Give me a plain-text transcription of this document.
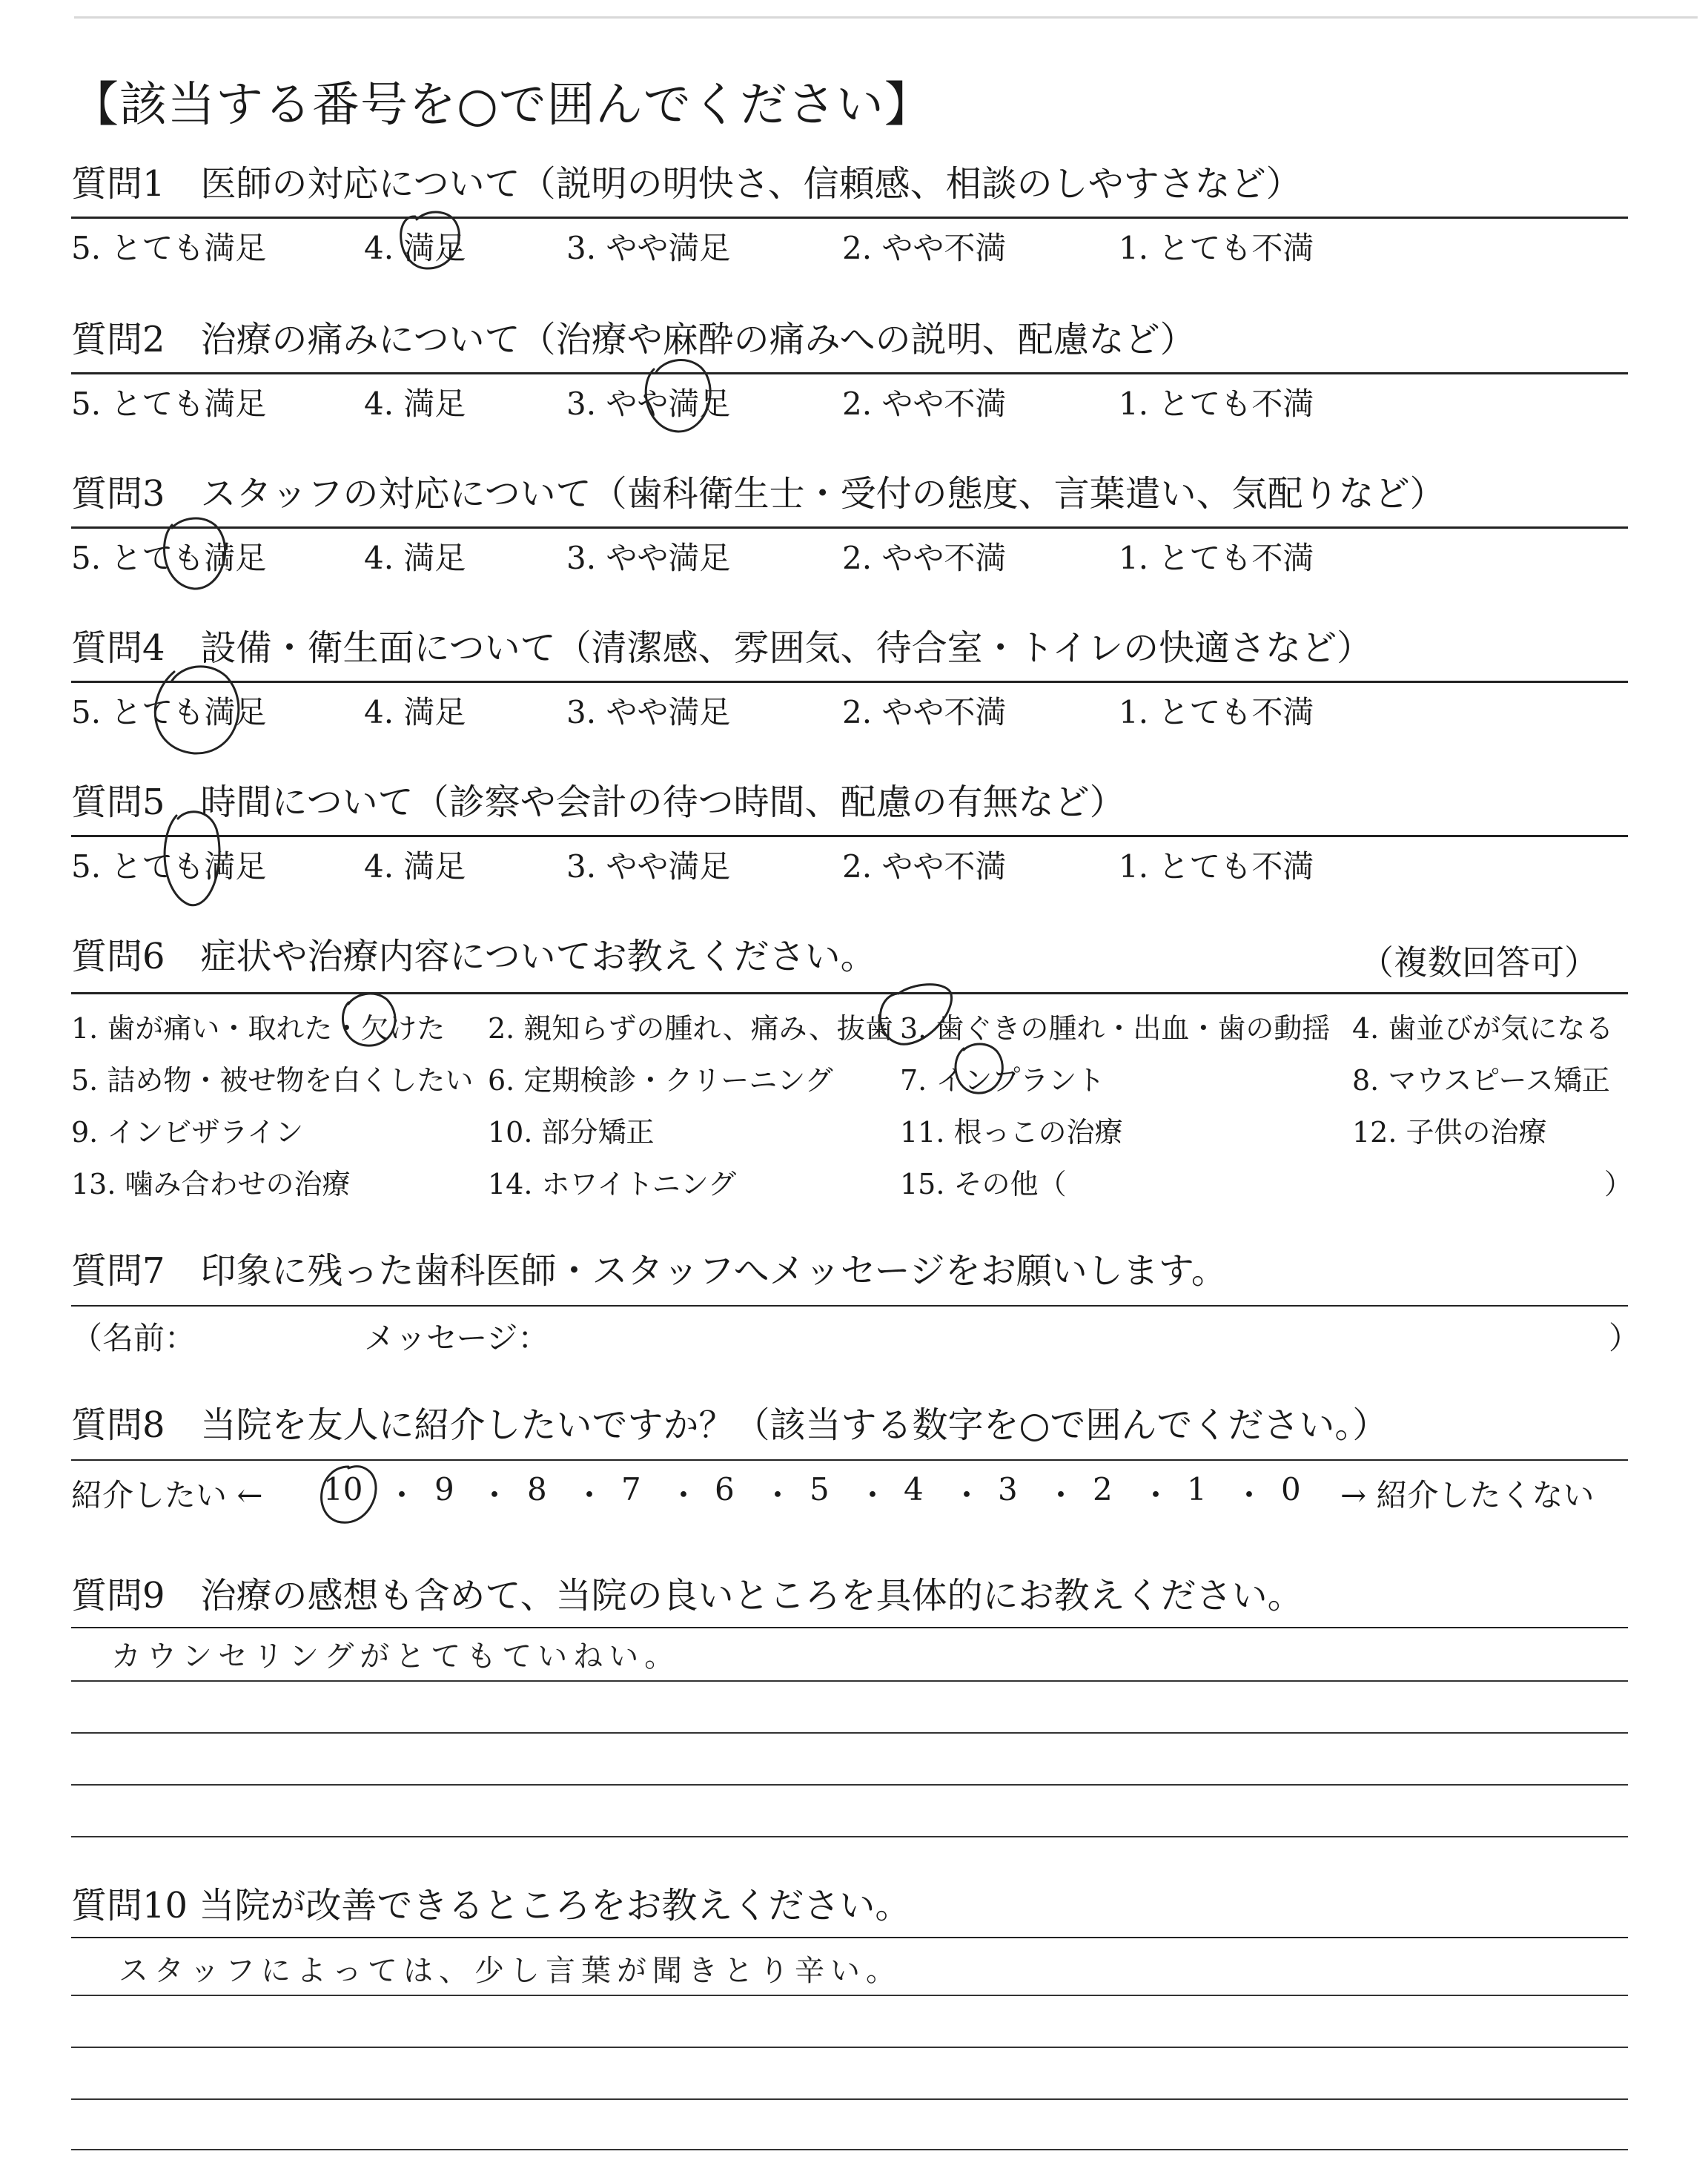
【該当する番号を○で囲んでください】
質問1　医師の対応について（説明の明快さ、信頼感、相談のしやすさなど）
5. とても満足	4. 満足	3. やや満足	2. やや不満	1. とても不満
質問2　治療の痛みについて（治療や麻酔の痛みへの説明、配慮など）
5. とても満足	4. 満足	3. やや満足	2. やや不満	1. とても不満
質問3　スタッフの対応について（歯科衛生士・受付の態度、言葉遣い、気配りなど）
5. とても満足	4. 満足	3. やや満足	2. やや不満	1. とても不満
質問4　設備・衛生面について（清潔感、雰囲気、待合室・トイレの快適さなど）
5. とても満足	4. 満足	3. やや満足	2. やや不満	1. とても不満
質問5　時間について（診察や会計の待つ時間、配慮の有無など）
5. とても満足	4. 満足	3. やや満足	2. やや不満	1. とても不満
質問6　症状や治療内容についてお教えください。	（複数回答可）
1. 歯が痛い・取れた・欠けた 2. 親知らずの腫れ、痛み、抜歯 3. 歯ぐきの腫れ・出血・歯の動揺 4. 歯並びが気になる
5. 詰め物・被せ物を白くしたい 6. 定期検診・クリーニング 7. インプラント	8. マウスピース矯正
9. インビザライン	10. 部分矯正	11. 根っこの治療	12. 子供の治療
13. 噛み合わせの治療	14. ホワイトニング	15. その他（	）
質問7　印象に残った歯科医師・スタッフへメッセージをお願いします。
（名前：	メッセージ：	）
質問8　当院を友人に紹介したいですか？（該当する数字を○で囲んでください。）
紹介したい ← 10 ・ 9 ・ 8 ・ 7 ・ 6 ・ 5 ・ 4 ・ 3 ・ 2 ・ 1 ・ 0 → 紹介したくない
質問9　治療の感想も含めて、当院の良いところを具体的にお教えください。
カウンセリングがとてもていねい。
質問10 当院が改善できるところをお教えください。
スタッフによっては、少し言葉が聞きとり辛い。
